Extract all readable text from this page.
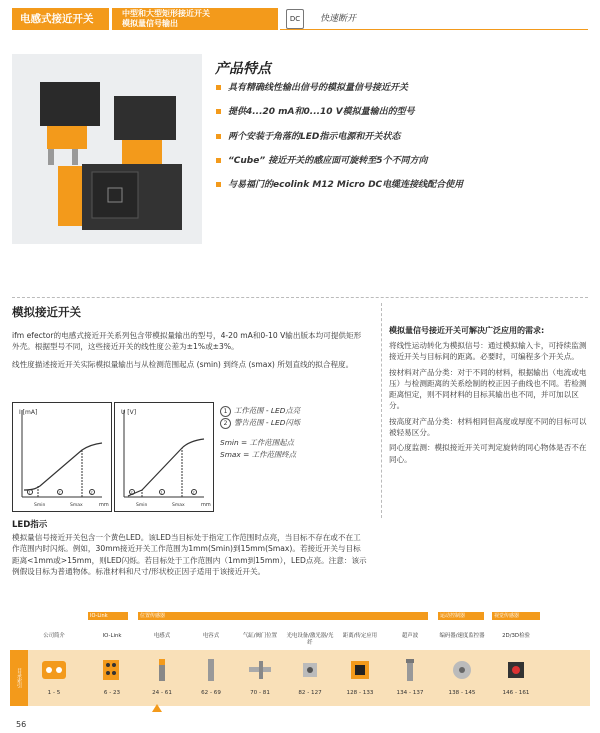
电感式接近开关	中型和大型矩形接近开关
模拟量信号输出	DC	快速断开
产品特点
具有精确线性输出信号的模拟量信号接近开关
提供4...20 mA和0...10 V模拟量输出的型号
两个安装于角落的LED指示电源和开关状态
“Cube” 接近开关的感应面可旋转至5个不同方向
与易福门的ecolink M12 Micro DC电缆连接线配合使用
模拟接近开关
ifm efector的电感式接近开关系列包含带模拟量输出的型号，4-20 mA和0-10 V输出版本均可提供矩形外壳。根据型号不同，这些接近开关的线性度公差为±1%或±3%。
线性度描述接近开关实际模拟量输出与从检测范围起点 (smin) 到终点 (smax) 所划直线的拟合程度。
模拟量信号接近开关可解决广泛应用的需求:
将线性运动转化为模拟信号：通过模拟输入卡，可持续监测接近开关与目标间的距离。必要时，可编程多个开关点。
按材料对产品分类：对于不同的材料，根据输出（电流或电压）与检测距离的关系绘制的校正因子曲线也不同。若检测距离恒定，则不同材料的目标其输出也不同，并可加以区分。
按高度对产品分类：材料相同但高度或厚度不同的目标可以被轻易区分。
同心度监测：模拟接近开关可判定旋转的同心物体是否不在同心。
I [mA]
mm
Smin	Smax
1	2	2
U [V]
mm
Smin	Smax
2	1	2
1 工作范围 - LED点亮
2 警告范围 - LED闪烁
Smin = 工作范围起点
Smax = 工作范围终点
LED指示
模拟量信号接近开关包含一个黄色LED。该LED当目标处于指定工作范围时点亮，当目标不存在或不在工作范围内时闪烁。例如，30mm接近开关工作范围为1mm(Smin)到15mm(Smax)。若接近开关与目标距离<1mm或>15mm，则LED闪烁。若目标处于工作范围内（1mm到15mm），LED点亮。注意：该示例假设目标为普通物体。标准材料和尺寸/形状校正因子适用于该接近开关。
IO-Link	位置传感器	运动控制器	视觉传感器
公司简介	IO-Link	电感式	电容式	气缸/阀门位置	光电设备/激光器/光纤
距离/传定应用	超声波	编码器/速度监控器	2D/3D检验
目录索引
1 - 5	6 - 23	24 - 61	62 - 69	70 - 81	82 - 127	128 - 133	134 - 137	138 - 145	146 - 161
56
